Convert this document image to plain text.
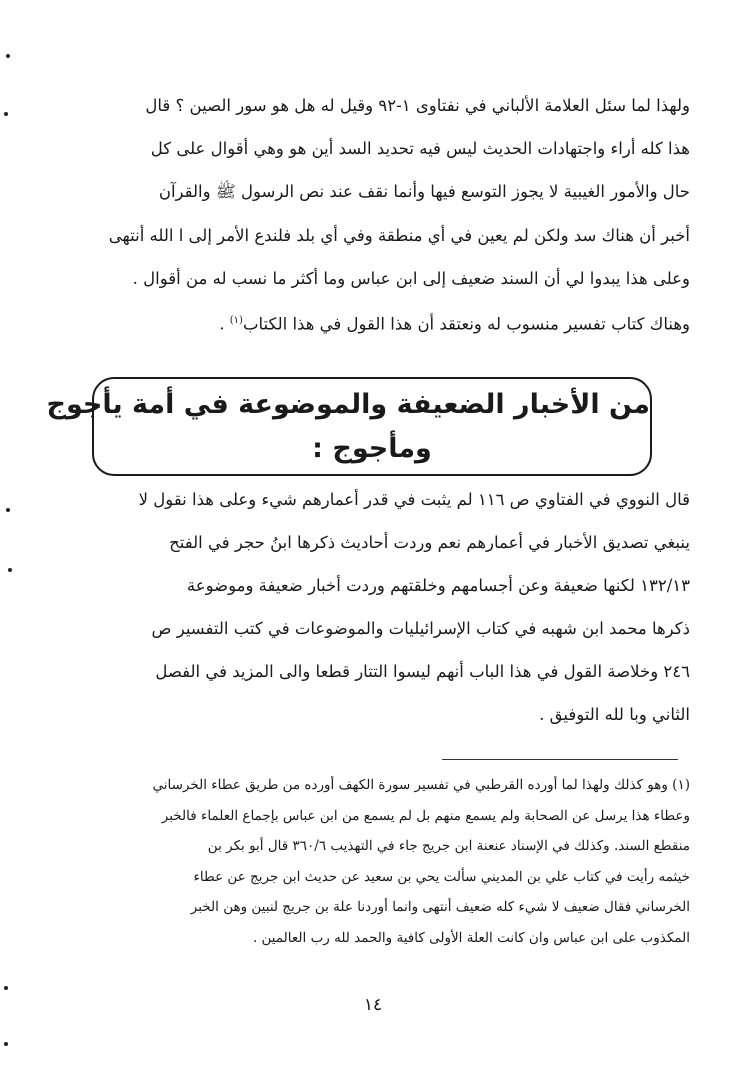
ولهذا لما سئل العلامة الألباني في نفتاوى ١-٩٢ وقيل له هل هو سور الصين ؟ قال
هذا كله أراء واجتهادات الحديث ليس فيه تحديد السد أين هو وهي أقوال على كل
حال والأمور الغيبية لا يجوز التوسع فيها وأنما نقف عند نص الرسول ﷺ والقرآن
أخبر أن هناك سد ولكن لم يعين في أي منطقة وفي أي بلد فلندع الأمر إلى ا الله أنتهى
وعلى هذا يبدوا لي أن السند ضعيف إلى ابن عباس وما أكثر ما نسب له من أقوال .
وهناك كتاب تفسير منسوب له ونعتقد أن هذا القول في هذا الكتاب$^{(١)}$ .
من الأخبار الضعيفة والموضوعة في أمة يأجوج
ومأجوج :
قال النووي في الفتاوي ص ١١٦ لم يثبت في قدر أعمارهم شيء وعلى هذا نقول لا
ينبغي تصديق الأخبار في أعمارهم نعم وردت أحاديث ذكرها ابنُ حجر في الفتح
١٣٢/١٣ لكنها ضعيفة وعن أجسامهم وخلقتهم وردت أخبار ضعيفة وموضوعة
ذكرها محمد ابن شهبه في كتاب الإسرائيليات والموضوعات في كتب التفسير ص
٢٤٦ وخلاصة القول في هذا الباب أنهم ليسوا التتار قطعا والى المزيد في الفصل
الثاني وبا لله التوفيق .
(١) وهو كذلك ولهذا لما أورده القرطبي في تفسير سورة الكهف أورده من طريق عطاء الخرساني
وعطاء هذا يرسل عن الصحابة ولم يسمع منهم بل لم يسمع من ابن عباس بإجماع العلماء فالخبر
منقطع السند. وكذلك في الإسناد عنعنة ابن جريج جاء في التهذيب ٣٦٠/٦ قال أبو بكر بن
خيثمه رأيت في كتاب علي بن المديني سألت يحي بن سعيد عن حديث ابن جريج عن عطاء
الخرساني فقال ضعيف لا شيء كله ضعيف أنتهى وانما أوردنا علة بن جريج لنبين وهن الخبر
المكذوب على ابن عباس وان كانت العلة الأولى كافية والحمد لله رب العالمين .
١٤
